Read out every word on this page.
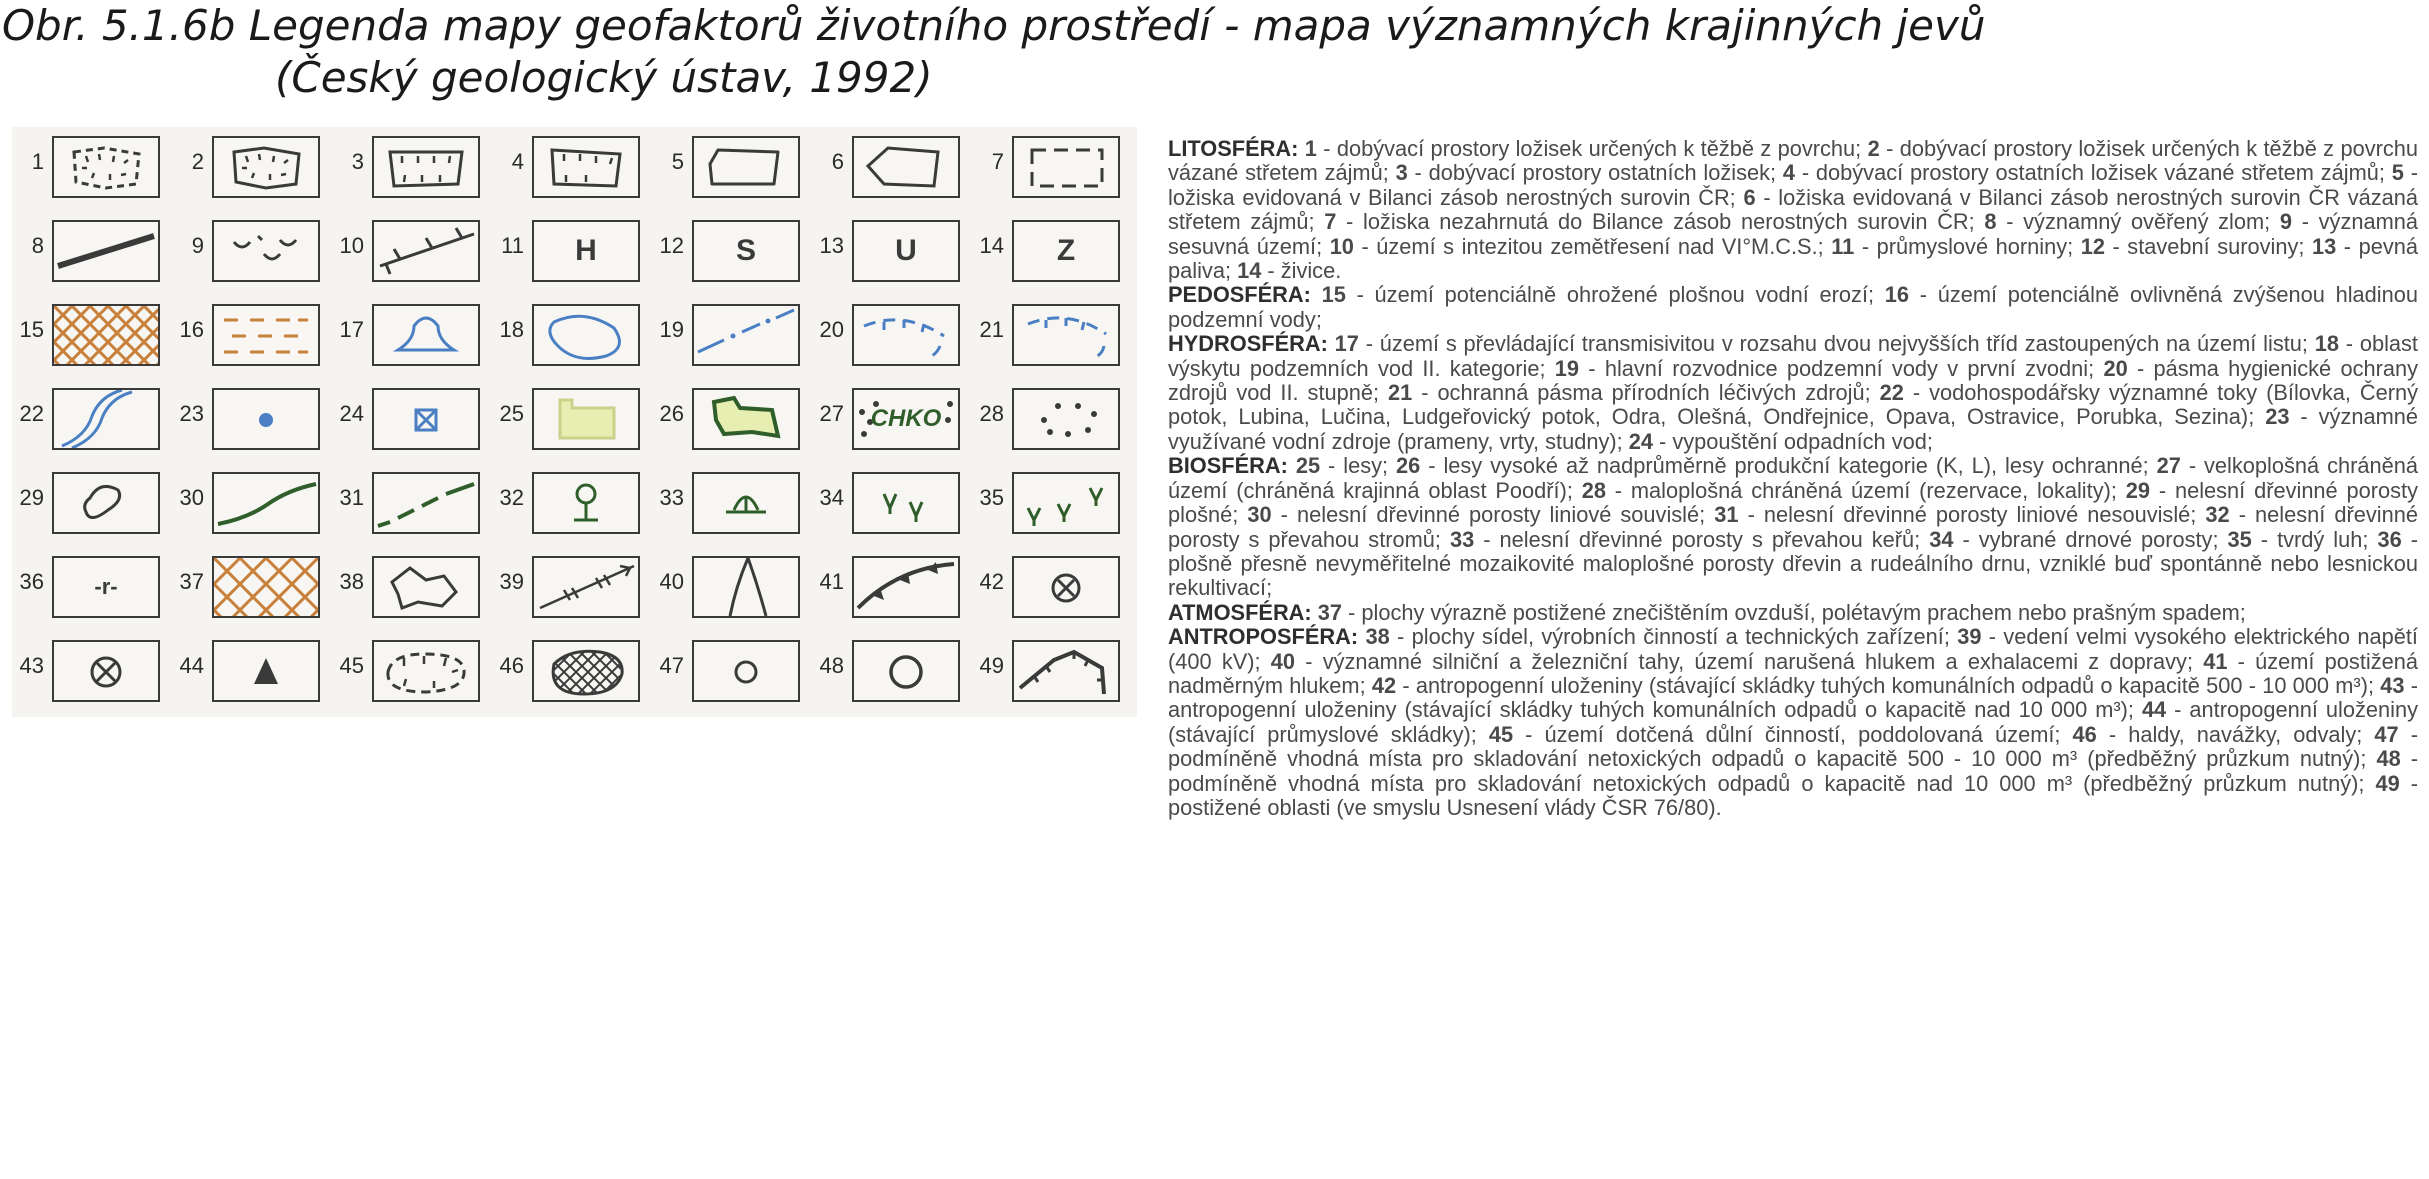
Obr. 5.1.6b Legenda mapy geofaktorů životního prostředí - mapa významných krajinných jevů
(Český geologický ústav, 1992)
1	2	3	4	5	6	7
8	9	10	11	H	12	S	13	U	14	Z
15	16	17	18	19	20	21
22	23	24	25	26	27	CHKO	28
29	30	31	32	33	34	35
36	-r-	37	38	39	40	41	42
43	44	45	46	47	48	49

LITOSFÉRA: 1 - dobývací prostory ložisek určených k těžbě z povrchu; 2 - dobývací prostory ložisek určených k těžbě z povrchu vázané střetem zájmů; 3 - dobývací prostory ostatních ložisek; 4 - dobývací prostory ostatních ložisek vázané střetem zájmů; 5 - ložiska evidovaná v Bilanci zásob nerostných surovin ČR; 6 - ložiska evidovaná v Bilanci zásob nerostných surovin ČR vázaná střetem zájmů; 7 - ložiska nezahrnutá do Bilance zásob nerostných surovin ČR; 8 - významný ověřený zlom; 9 - významná sesuvná území; 10 - území s intezitou zemětřesení nad VI°M.C.S.; 11 - průmyslové horniny; 12 - stavební suroviny; 13 - pevná paliva; 14 - živice.

PEDOSFÉRA: 15 - území potenciálně ohrožené plošnou vodní erozí; 16 - území potenciálně ovlivněná zvýšenou hladinou podzemní vody;

HYDROSFÉRA: 17 - území s převládající transmisivitou v rozsahu dvou nejvyšších tříd zastoupených na území listu; 18 - oblast výskytu podzemních vod II. kategorie; 19 - hlavní rozvodnice podzemní vody v první zvodni; 20 - pásma hygienické ochrany zdrojů vod II. stupně; 21 - ochranná pásma přírodních léčivých zdrojů; 22 - vodohospodářsky významné toky (Bílovka, Černý potok, Lubina, Lučina, Ludgeřovický potok, Odra, Olešná, Ondřejnice, Opava, Ostravice, Porubka, Sezina); 23 - významné využívané vodní zdroje (prameny, vrty, studny); 24 - vypouštění odpadních vod;

BIOSFÉRA: 25 - lesy; 26 - lesy vysoké až nadprůměrně produkční kategorie (K, L), lesy ochranné; 27 - velkoplošná chráněná území (chráněná krajinná oblast Poodří); 28 - maloplošná chráněná území (rezervace, lokality); 29 - nelesní dřevinné porosty plošné; 30 - nelesní dřevinné porosty liniové souvislé; 31 - nelesní dřevinné porosty liniové nesouvislé; 32 - nelesní dřevinné porosty s převahou stromů; 33 - nelesní dřevinné porosty s převahou keřů; 34 - vybrané drnové porosty; 35 - tvrdý luh; 36 - plošně přesně nevyměřitelné mozaikovité maloplošné porosty dřevin a rudeálního drnu, vzniklé buď spontánně nebo lesnickou rekultivací;

ATMOSFÉRA: 37 - plochy výrazně postižené znečištěním ovzduší, polétavým prachem nebo prašným spadem;

ANTROPOSFÉRA: 38 - plochy sídel, výrobních činností a technických zařízení; 39 - vedení velmi vysokého elektrického napětí (400 kV); 40 - významné silniční a železniční tahy, území narušená hlukem a exhalacemi z dopravy; 41 - území postižená nadměrným hlukem; 42 - antropogenní uloženiny (stávající skládky tuhých komunálních odpadů o kapacitě 500 - 10 000 m³); 43 - antropogenní uloženiny (stávající skládky tuhých komunálních odpadů o kapacitě nad 10 000 m³); 44 - antropogenní uloženiny (stávající průmyslové skládky); 45 - území dotčená důlní činností, poddolovaná území; 46 - haldy, navážky, odvaly; 47 - podmíněně vhodná místa pro skladování netoxických odpadů o kapacitě 500 - 10 000 m³ (předběžný průzkum nutný); 48 - podmíněně vhodná místa pro skladování netoxických odpadů o kapacitě nad 10 000 m³ (předběžný průzkum nutný); 49 - postižené oblasti (ve smyslu Usnesení vlády ČSR 76/80).
